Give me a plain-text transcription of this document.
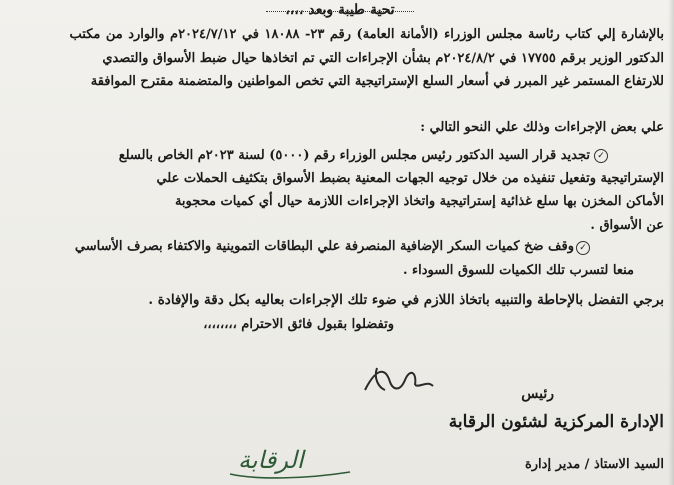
تحية طيبة وبعد ،،،،
بالإشارة إلي كتاب رئاسة مجلس الوزراء (الأمانة العامة) رقم ٢٣- ١٨٠٨٨ في ٢٠٢٤/٧/١٢م والوارد من مكتب
الدكتور الوزير برقم ١٧٧٥٥ في ٢٠٢٤/٨/٢م بشأن الإجراءات التي تم اتخاذها حيال ضبط الأسواق والتصدي
للارتفاع المستمر غير المبرر في أسعار السلع الإستراتيجية التي تخص المواطنين والمتضمنة مقترح الموافقة
علي بعض الإجراءات وذلك علي النحو التالي :
✓
تجديد قرار السيد الدكتور رئيس مجلس الوزراء رقم (٥٠٠٠) لسنة ٢٠٢٣م الخاص بالسلع
الإستراتيجية وتفعيل تنفيذه من خلال توجيه الجهات المعنية بضبط الأسواق بتكثيف الحملات علي
الأماكن المخزن بها سلع غذائية إستراتيجية واتخاذ الإجراءات اللازمة حيال أي كميات محجوبة
عن الأسواق .
✓
وقف ضخ كميات السكر الإضافية المنصرفة علي البطاقات التموينية والاكتفاء بصرف الأساسي
منعا لتسرب تلك الكميات للسوق السوداء .
برجي التفضل بالإحاطة والتنبيه باتخاذ اللازم في ضوء تلك الإجراءات بعاليه بكل دقة والإفادة .
وتفضلوا بقبول فائق الاحترام ،،،،،،،،
رئيس
الإدارة المركزية لشئون الرقابة
السيد الاستاذ / مدير إدارة
الرقابة
